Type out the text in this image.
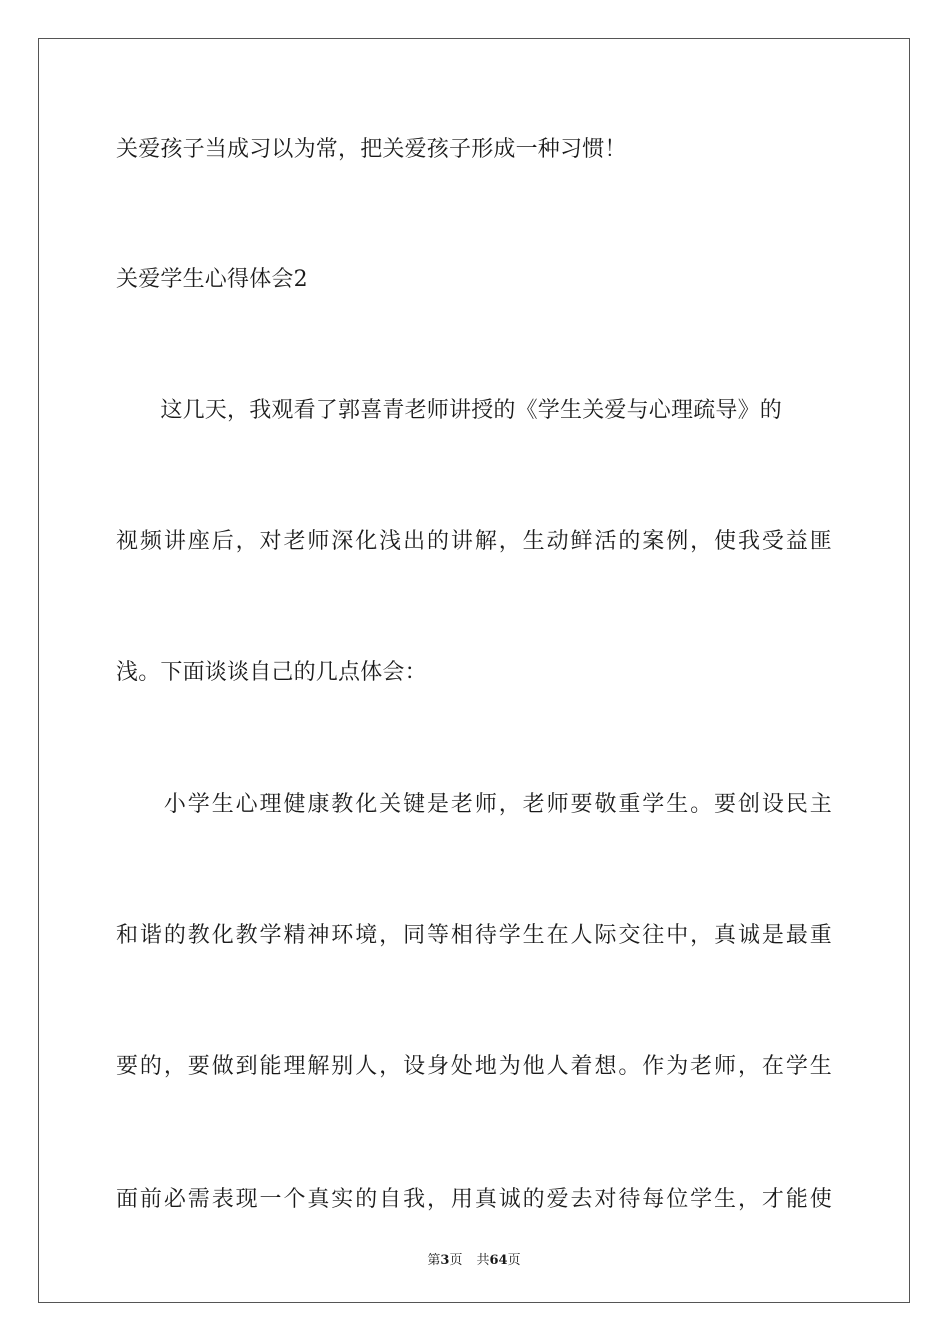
关爱孩子当成习以为常，把关爱孩子形成一种习惯！

关爱学生心得体会2

　　这几天，我观看了郭喜青老师讲授的《学生关爱与心理疏导》的

视 频 讲 座 后 ， 对 老 师 深 化 浅 出 的 讲 解 ， 生 动 鲜 活 的 案 例 ， 使 我 受 益 匪

浅。下面谈谈自己的几点体会：

小 学 生 心 理 健 康 教 化 关 键 是 老 师 ， 老 师 要 敬 重 学 生 。 要 创 设 民 主

和 谐 的 教 化 教 学 精 神 环 境 ， 同 等 相 待 学 生 在 人 际 交 往 中 ， 真 诚 是 最 重

要 的 ， 要 做 到 能 理 解 别 人 ， 设 身 处 地 为 他 人 着 想 。 作 为 老 师 ， 在 学 生

面 前 必 需 表 现 一 个 真 实 的 自 我 ， 用 真 诚 的 爱 去 对 待 每 位 学 生 ， 才 能 使

第3页 共64页
